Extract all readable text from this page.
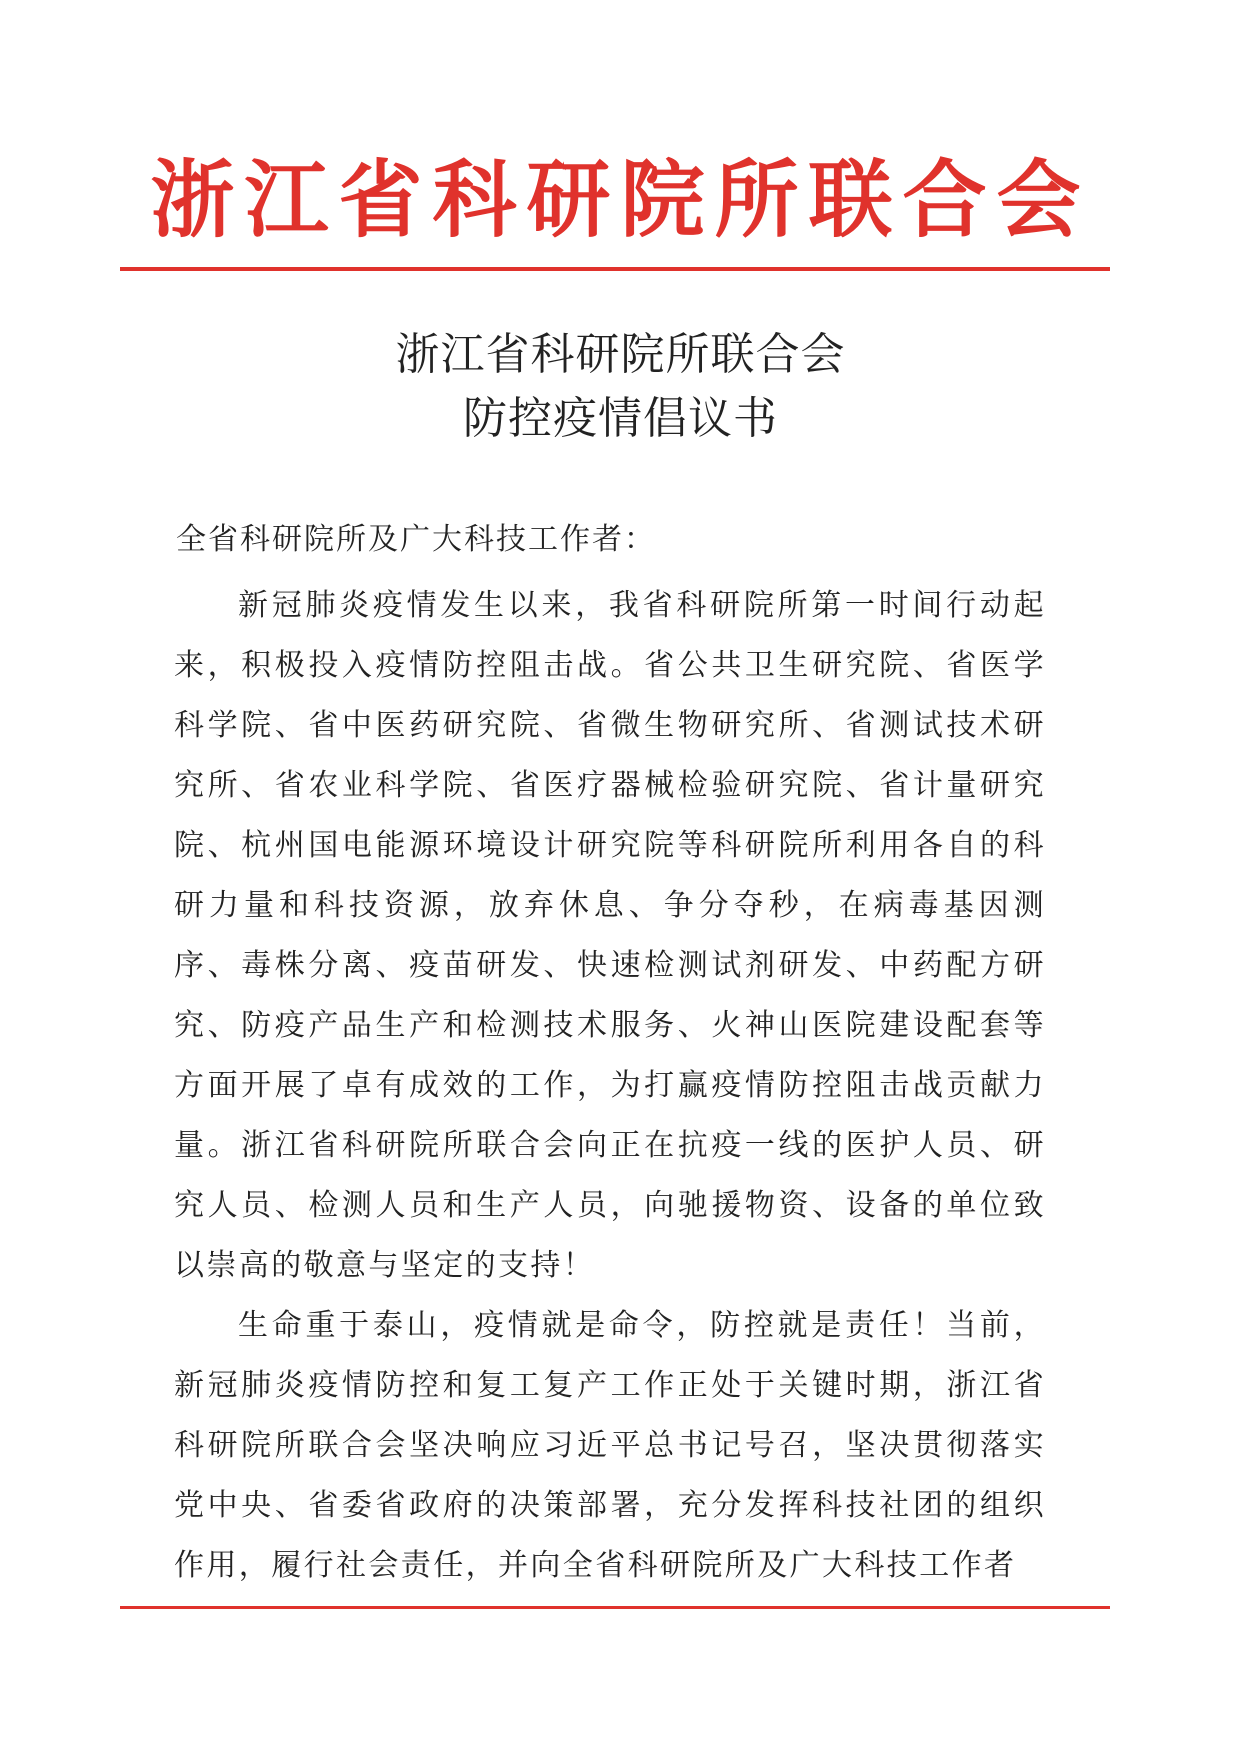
浙江省科研院所联合会
浙江省科研院所联合会
防控疫情倡议书
全省科研院所及广大科技工作者：

新冠肺炎疫情发生以来，我省科研院所第一时间行动起来，积极投入疫情防控阻击战。省公共卫生研究院、省医学科学院、省中医药研究院、省微生物研究所、省测试技术研究所、省农业科学院、省医疗器械检验研究院、省计量研究院、杭州国电能源环境设计研究院等科研院所利用各自的科研力量和科技资源，放弃休息、争分夺秒，在病毒基因测序、毒株分离、疫苗研发、快速检测试剂研发、中药配方研究、防疫产品生产和检测技术服务、火神山医院建设配套等方面开展了卓有成效的工作，为打赢疫情防控阻击战贡献力量。浙江省科研院所联合会向正在抗疫一线的医护人员、研究人员、检测人员和生产人员，向驰援物资、设备的单位致以崇高的敬意与坚定的支持！

生命重于泰山，疫情就是命令，防控就是责任！当前，新冠肺炎疫情防控和复工复产工作正处于关键时期，浙江省科研院所联合会坚决响应习近平总书记号召，坚决贯彻落实党中央、省委省政府的决策部署，充分发挥科技社团的组织作用，履行社会责任，并向全省科研院所及广大科技工作者
